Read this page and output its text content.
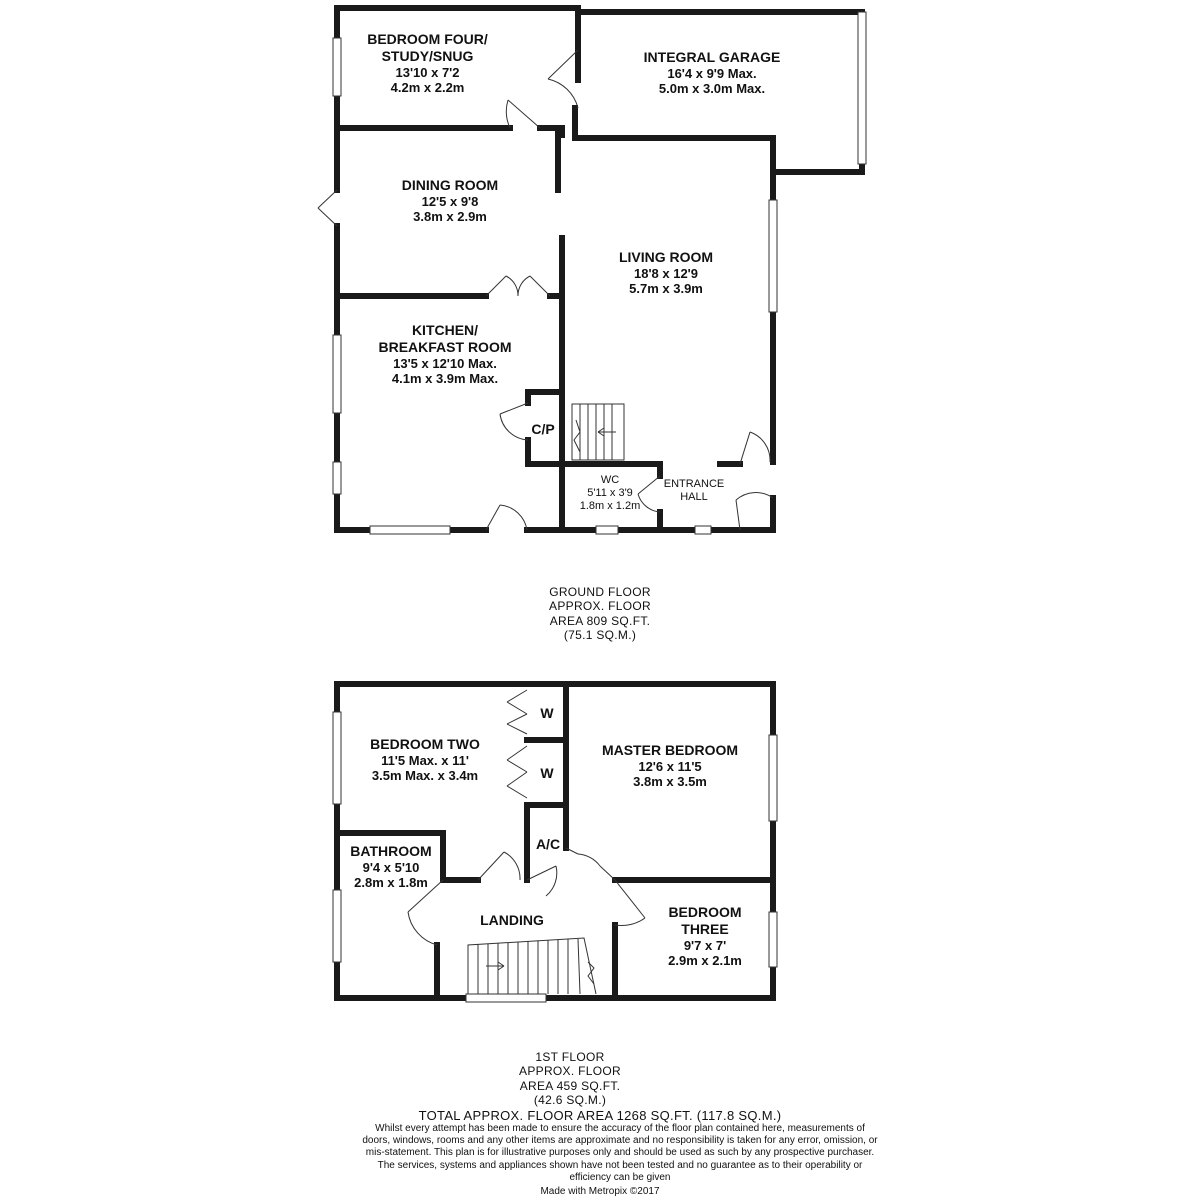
BEDROOM FOUR/
STUDY/SNUG
13'10 x 7'2
4.2m x 2.2m
INTEGRAL GARAGE
16'4 x 9'9 Max.
5.0m x 3.0m Max.
DINING ROOM
12'5 x 9'8
3.8m x 2.9m
LIVING ROOM
18'8 x 12'9
5.7m x 3.9m
KITCHEN/
BREAKFAST ROOM
13'5 x 12'10 Max.
4.1m x 3.9m Max.
C/P
WC
5'11 x 3'9
1.8m x 1.2m
ENTRANCE
HALL
GROUND FLOOR
APPROX. FLOOR
AREA 809 SQ.FT.
(75.1 SQ.M.)
BEDROOM TWO
11'5 Max. x 11'
3.5m Max. x 3.4m
W
W
MASTER BEDROOM
12'6 x 11'5
3.8m x 3.5m
A/C
BATHROOM
9'4 x 5'10
2.8m x 1.8m
LANDING	BEDROOM
THREE
9'7 x 7'
2.9m x 2.1m
1ST FLOOR
APPROX. FLOOR
AREA 459 SQ.FT.
(42.6 SQ.M.)
TOTAL APPROX. FLOOR AREA 1268 SQ.FT. (117.8 SQ.M.)
Whilst every attempt has been made to ensure the accuracy of the floor plan contained here, measurements of doors, windows, rooms and any other items are approximate and no responsibility is taken for any error, omission, or mis-statement. This plan is for illustrative purposes only and should be used as such by any prospective purchaser. The services, systems and appliances shown have not been tested and no guarantee as to their operability or efficiency can be given
Made with Metropix ©2017
